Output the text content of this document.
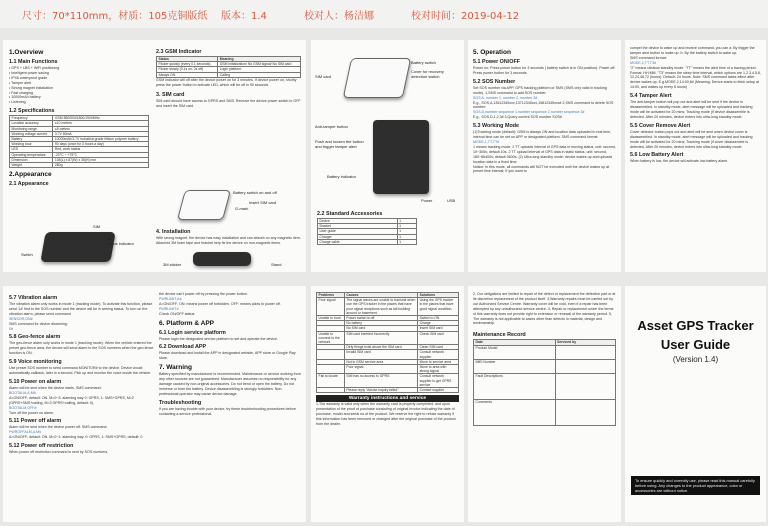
尺寸：70*110mm，材质：105克铜版纸 版本：1.4	校对人：杨洁娜	校对时间：2019-04-12
1.Overview
1.1 Main Functions
• GPS + LBS + WiFi positioning
• Intelligent power saving
• IPX6 waterproof grade
• Tamper alert
• Strong magnet installation
• Fast charging
• 10000mAh battery
• Listening
1.2 Specifications
Frequency	GSM 850/900/1800/1900MHz
Location accuracy	≤10 meters
Monitoring range	≤5 meters
Working voltage current	3.7V 80mA
Battery	10000mAh/3.7V industrial grade lithium polymer battery
Working hour	90 days (once for 3 hours a day)
LED	Red, work status
Operating temperature	-20°C ~ +75°C
Dimension	108(L) x 87(W) x 35(H) mm
Weight	280g
2.Appearance
2.1 Appearance
SIM
MIC
status indicator
Switch
2.3 GSM Indicator
Status	Meaning
Flicker quickly (every 0.1 seconds)	GSM initialization/ No GSM signal/ No SIM card
Flicker slowly (0.1s on, 2s off)	Login platform
Always ON	Calling
GSM indicator will off after the device power on for 3 minutes. If device power on, shortly press the power button to activate LED, which will be off in 90 seconds.
3. SIM card
SIM card should have access to GPRS and SMS. Remove the device power switch to OFF and insert the SIM card.
Battery switch on and off
G-mark
Insert SIM card
4. Installation
With strong magnet, the device has easy installation and can absorb on any magnetic item. Attached 3M foam tape and bracket help fix the device on non-magnetic items.
3M sticker	Stand
SIM card
Battery switch
Cover for recovery detection switch
Anti-tamper button
Push and loosen the button and trigger tamper alert
Battery indicator
Power	USB
2.2 Standard Accessories
Device	1
Bracket	1
User guide	1
Charger	1
Charge cable	1
5. Operation
5.1 Power ON/OFF
Power on: Press power button for 3 seconds ( battery switch is in ON position). Power off: Press power button for 3 seconds
5.2 SOS Number
Set SOS number via APP, GPS tracking platform or SMS (SMS only valid in tracking mode). 1,SMS command to add SOS number:
SOS A, number 1, number 2, number 3#
E.g., SOS,A,13512345xxx,13712345xxx,15812345xxx# 2,SMS command to delete SOS number:
SOS,D,number sequence 1,number sequence 2,number sequence 3#
E.g., SOS,D,1,2,3# 3,Query current SOS number SOS#
5.3 Working Mode
(1)Tracking mode (default): GSM is always ON and location data uploaded in real time, interval time can be set on APP or designated platform. SMS command format:
MODE,1,TT,TT#
1 means tracking mode. 2 TT uploads interval of GPS data in moving status, unit: second, 10~300s; default 10s. 2 TT upload interval of GPS data in static status, unit: second, 180~86400s; default 3600s. (2) Ultra-long standby mode: device wakes up and uploads location data in a fixed time.
Notice: In this mode, all commands will NOT be executed until the device wakes up at preset time interval; If you want to
compel the device to wake up and receive command, you can a. By trigger the tamper alert button to wake up. b. By the battery switch to wake up.
SMS command format:
MODE,2,TT,T3#
"2" means ultralow standby mode. "TT" means the alert time of a tracing period. Format: HH:MM. "T3" means the sleep time interval, which options are 1,2,3,4,5,6, 12,24,48,72 (hours). Default: 24 hours. Note: SMS command takes effect after device wakes up. E.g.MODE,2,14:00,6# (Meaning: Device starts to fetch setup at 14:00, and wakes up every 6 hours)
5.4 Tamper Alert
The anti-tamper button will pop out and alert will be sent if the device is disassembled. In standby mode, alert message will be uploaded and tracking mode will be activated for 20 mins; Tracking mode (if device disassemble is detected, After 20 minutes, device enters into ultra-long standby mode.
5.5 Cover Remove Alert
Cover detector button pops out and alert will be sent when device cover is disassembled. In standby mode, alert message will be uploaded and tracking mode will be activated for 20 mins; Tracking mode (if cover disassemble is detected, After 20 minutes, device enters into ultra-long standby mode.
5.6 Low Battery Alert
When battery is low, the device will activate low battery alarm.
5.7 Vibration alarm
The vibration alarm only works in mode 1 (tracking mode). To activate this function, please send '1#' first to the SOS number and the device will be in arming status. To turn on the vibration alarm, please send command
SENSOR,ON#
SMS command for device disarming:
0#
5.8 Geo-fence alarm
The geo-fence alarm only works in mode 1 (tracking mode). When the vehicle entered the preset geo-fence area, the device will send alarm to the SOS numbers when the geo-fence function is ON.
5.9 Voice monitoring
Use preset SOS number to send command MONITOR# to the device. Device would automatically callback, later in a second. Pick up and monitor the voice inside the vehicle.
5.10 Power on alarm
Alarm will be sent when the device starts. SMS command:
BOOTALM,A,M#
A=ON/OFF; default: ON. M=0~3: alarming way 0: GPRS, 1: SMS+GPRS, M=2 (GPRS+SMS+calling, M=3 GPRS+calling, default: 0).
BOOTALM,OFF#
Turn off the power on alarm.
5.11 Power off alarm
Alarm will be sent when the device power off. SMS command:
PWROFFALM,A,M#
A=ON/OFF; default: ON. M=0~1: alarming way. 0: GPRS, 1: SMS+GPRS; default: 0.
5.12 Power off restriction
When power off restriction command is sent by SOS numbers,
the device can't power off by pressing the power button.
PWRLIMIT,A#
A=ON/OFF; ON: means power off forbidden, OFF: means allow to power off.
PWRLIMIT#
Check ON/OFF status.
6. Platform & APP
6.1 Login service platform
Please login the designated service platform to set and operate the device.
6.2 Download APP
Please download and install the APP in designated website, APP store or Google Play store.
7. Warning
Battery specified by manufacturer is recommended. Maintenance or service working from any other sources are not guaranteed. Manufacturer assumes no responsibility for any damage caused by non-original accessories. Do not bend or open the battery. Do not immerse or burn the battery. Device disassembling is strongly forbidden. Non-professional operator may cause device damage.
Troubleshooting
If you are having trouble with your device, try these troubleshooting procedures before contacting a service professional.
Problems	Causes	Solutions
Poor signal	The signal waves are unable to transmit when use the GPS tracker in the places that have poor signal receptions such as tall building around or basement.	Using the GPS tracker in the places that have good signal condition.
Unable to boot	Power switch is off	Switch to ON
	No battery	Charge
	No SIM card	Insert SIM card
Unable to connect to the network	SIM card inserted incorrectly	Check SIM card
	Dirty things exist above the SIM card	Clean SIM card
	Invalid SIM card	Consult network supplier
	Not in GSM service area	Move to service area
	Poor signal	Move to area with strong signal
Fail to locate	SIM has no access to GPRS	Consult network supplier to get GPRS service
	Please reply "Advise inquiry failed"	Contact supplier
Warranty instructions and service
1,The warranty is valid only when the warranty card is properly completed, and upon presentation of the proof of purchase consisting of original invoice indicating the date of purchase, model and serial no.of the product. We reserve the right to refuse warranty if this information has been removed or changed after the original purchase of the product from the dealer.
2, Our obligations are limited to repair of the defect or replacement the defective part or at its discretion replacement of the product itself. 3,Warranty repairs must be carried out by our Authorized Service Centre. Warranty cover will be void, even if a repair has been attempted by any unauthorized service centre. 4, Repair or replacement under the terms of this warranty does not provide right to extension or renewal of the warranty period. 5, The warranty is not applicable to cases other than defects in material, design and workmanship.
Maintenance Record
Date	Serviced by
Product Model	
IMEI Number	
Fault Descriptions	
Comments	
Asset GPS Tracker
User Guide
(Version 1.4)
To ensure quickly and correctly use, please read this manual carefully before using. Any changes to the product appearance, color or accessories are without notice.
